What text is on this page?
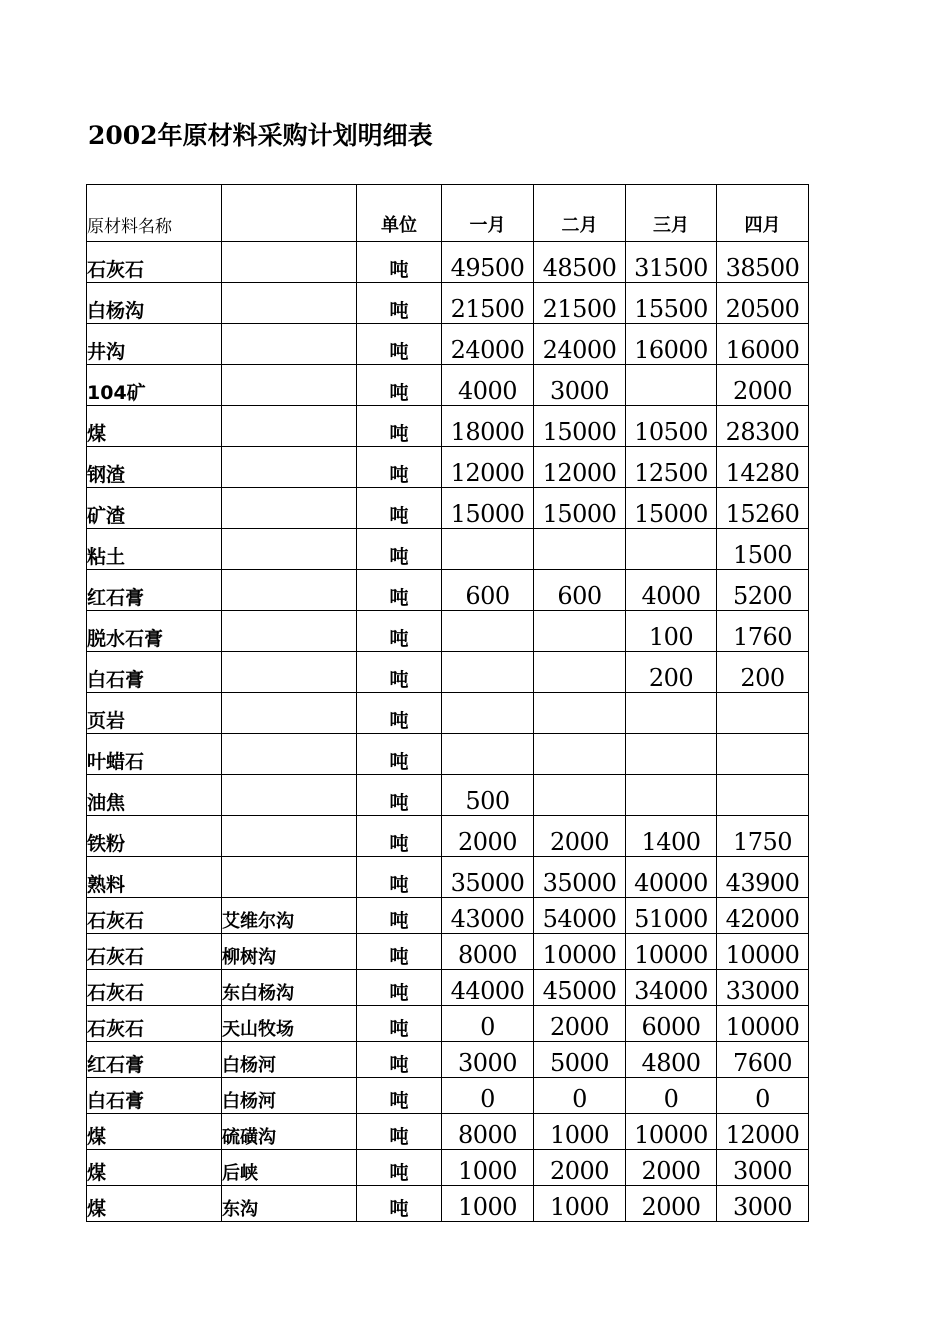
2002年原材料采购计划明细表
原材料名称		单位	一月	二月	三月	四月
石灰石		吨	49500	48500	31500	38500
白杨沟		吨	21500	21500	15500	20500
井沟		吨	24000	24000	16000	16000
104矿		吨	4000	3000		2000
煤		吨	18000	15000	10500	28300
钢渣		吨	12000	12000	12500	14280
矿渣		吨	15000	15000	15000	15260
粘土		吨				1500
红石膏		吨	600	600	4000	5200
脱水石膏		吨			100	1760
白石膏		吨			200	200
页岩		吨				
叶蜡石		吨				
油焦		吨	500			
铁粉		吨	2000	2000	1400	1750
熟料		吨	35000	35000	40000	43900
石灰石	艾维尔沟	吨	43000	54000	51000	42000
石灰石	柳树沟	吨	8000	10000	10000	10000
石灰石	东白杨沟	吨	44000	45000	34000	33000
石灰石	天山牧场	吨	0	2000	6000	10000
红石膏	白杨河	吨	3000	5000	4800	7600
白石膏	白杨河	吨	0	0	0	0
煤	硫磺沟	吨	8000	1000	10000	12000
煤	后峡	吨	1000	2000	2000	3000
煤	东沟	吨	1000	1000	2000	3000
